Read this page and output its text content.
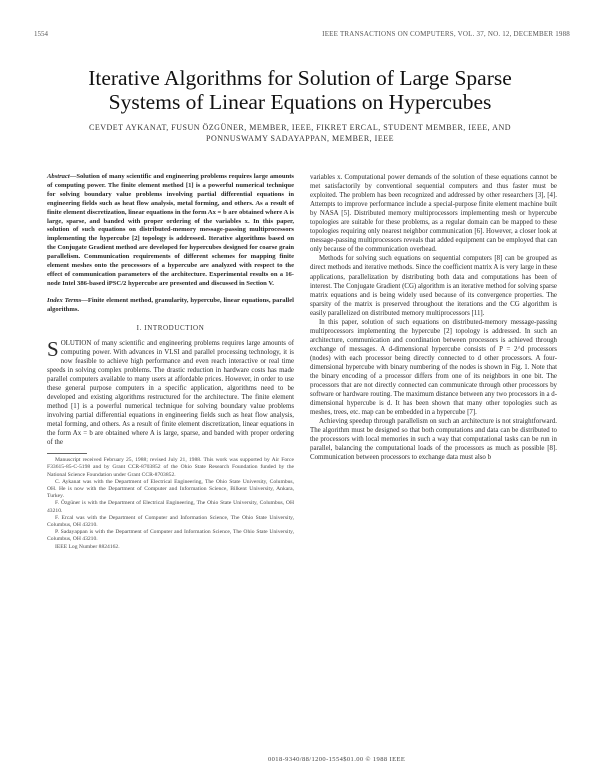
1554	IEEE TRANSACTIONS ON COMPUTERS, VOL. 37, NO. 12, DECEMBER 1988
Iterative Algorithms for Solution of Large Sparse
Systems of Linear Equations on Hypercubes
CEVDET AYKANAT, FUSUN ÖZGÜNER, MEMBER, IEEE, FIKRET ERCAL, STUDENT MEMBER, IEEE, AND
PONNUSWAMY SADAYAPPAN, MEMBER, IEEE

Abstract—Solution of many scientific and engineering problems requires large amounts of computing power. The finite element method [1] is a powerful numerical technique for solving boundary value problems involving partial differential equations in engineering fields such as heat flow analysis, metal forming, and others. As a result of finite element discretization, linear equations in the form Ax = b are obtained where A is large, sparse, and banded with proper ordering of the variables x. In this paper, solution of such equations on distributed-memory message-passing multiprocessors implementing the hypercube [2] topology is addressed. Iterative algorithms based on the Conjugate Gradient method are developed for hypercubes designed for coarse grain parallelism. Communication requirements of different schemes for mapping finite element meshes onto the processors of a hypercube are analyzed with respect to the effect of communication parameters of the architecture. Experimental results on a 16-node Intel 386-based iPSC/2 hypercube are presented and discussed in Section V.

Index Terms—Finite element method, granularity, hypercube, linear equations, parallel algorithms.

I. INTRODUCTION

SOLUTION of many scientific and engineering problems requires large amounts of computing power. With advances in VLSI and parallel processing technology, it is now feasible to achieve high performance and even reach interactive or real time speeds in solving complex problems. The drastic reduction in hardware costs has made parallel computers available to many users at affordable prices. However, in order to use these general purpose computers in a specific application, algorithms need to be developed and existing algorithms restructured for the architecture. The finite element method [1] is a powerful numerical technique for solving boundary value problems involving partial differential equations in engineering fields such as heat flow analysis, metal forming, and others. As a result of finite element discretization, linear equations in the form Ax = b are obtained where A is large, sparse, and banded with proper ordering of the

Manuscript received February 25, 1988; revised July 21, 1988. This work was supported by Air Force F33615-85-C-5198 and by Grant CCR-8703852 of the Ohio State Research Foundation funded by the National Science Foundation under Grant CCR-8703852.

C. Aykanat was with the Department of Electrical Engineering, The Ohio State University, Columbus, OH. He is now with the Department of Computer and Information Science, Bilkent University, Ankara, Turkey.

F. Özgüner is with the Department of Electrical Engineering, The Ohio State University, Columbus, OH 43210.

F. Ercal was with the Department of Computer and Information Science, The Ohio State University, Columbus, OH 43210.

P. Sadayappan is with the Department of Computer and Information Science, The Ohio State University, Columbus, OH 43210.

IEEE Log Number 8824162.

variables x. Computational power demands of the solution of these equations cannot be met satisfactorily by conventional sequential computers and thus faster must be exploited. The problem has been recognized and addressed by other researchers [3], [4]. Attempts to improve performance include a special-purpose finite element machine built by NASA [5]. Distributed memory multiprocessors implementing mesh or hypercube topologies are suitable for these problems, as a regular domain can be mapped to these topologies requiring only nearest neighbor communication [6]. However, a closer look at message-passing multiprocessors reveals that added equipment can be employed that can only because of the communication overhead.

Methods for solving such equations on sequential computers [8] can be grouped as direct methods and iterative methods. Since the coefficient matrix A is very large in these applications, parallelization by distributing both data and computations has been of interest. The Conjugate Gradient (CG) algorithm is an iterative method for solving sparse matrix equations and is being widely used because of its convergence properties. The sparsity of the matrix is preserved throughout the iterations and the CG algorithm is easily parallelized on distributed memory multiprocessors [11].

In this paper, solution of such equations on distributed-memory message-passing multiprocessors implementing the hypercube [2] topology is addressed. In such an architecture, communication and coordination between processors is achieved through exchange of messages. A d-dimensional hypercube consists of P = 2^d processors (nodes) with each processor being directly connected to d other processors. A four-dimensional hypercube with binary numbering of the nodes is shown in Fig. 1. Note that the binary encoding of a processor differs from one of its neighbors in one bit. The processors that are not directly connected can communicate through other processors by software or hardware routing. The maximum distance between any two processors in a d-dimensional hypercube is d. It has been shown that many other topologies such as meshes, trees, etc. map can be embedded in a hypercube [7].

Achieving speedup through parallelism on such an architecture is not straightforward. The algorithm must be designed so that both computations and data can be distributed to the processors with local memories in such a way that computational tasks can be run in parallel, balancing the computational loads of the processors as much as possible [8]. Communication between processors to exchange data must also b

0018-9340/88/1200-1554$01.00 © 1988 IEEE
